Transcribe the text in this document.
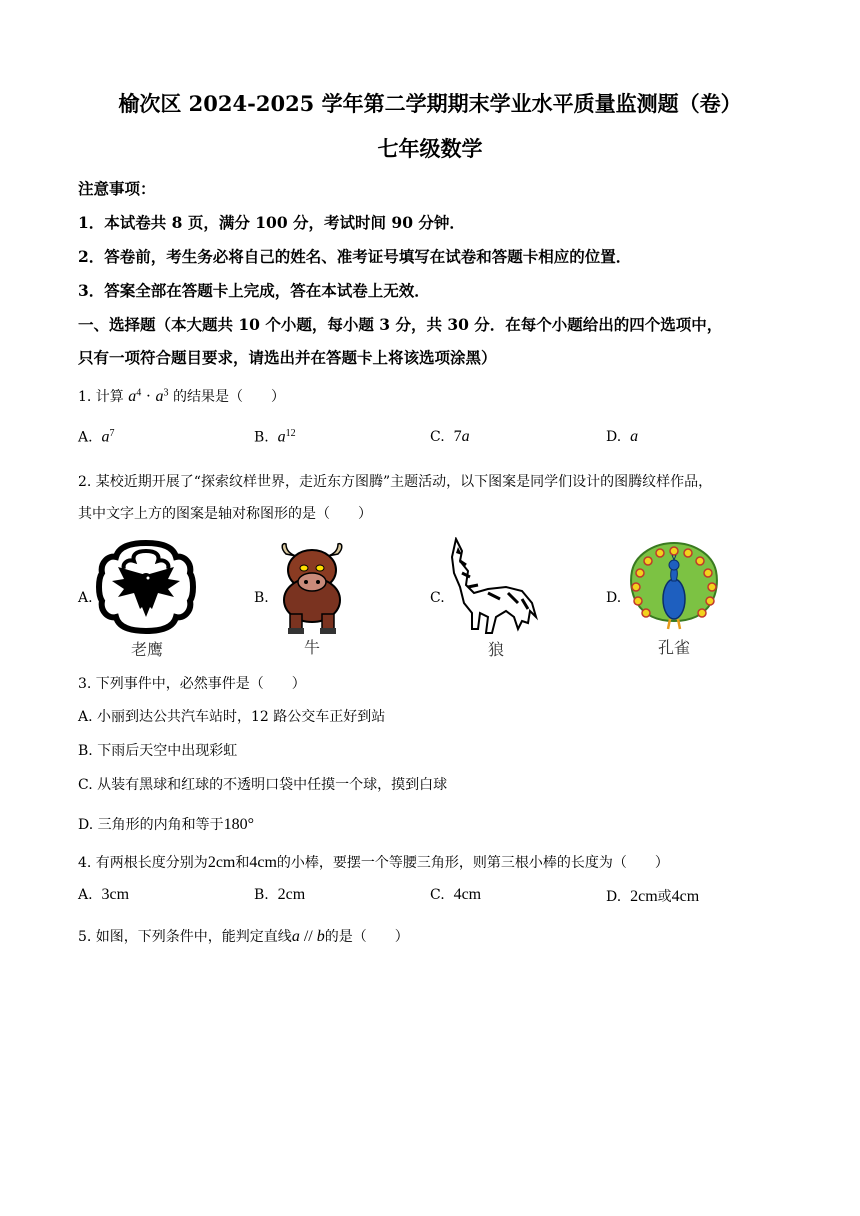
榆次区 2024-2025 学年第二学期期末学业水平质量监测题（卷）
七年级数学
注意事项：
1．本试卷共 8 页，满分 100 分，考试时间 90 分钟．
2．答卷前，考生务必将自己的姓名、准考证号填写在试卷和答题卡相应的位置．
3．答案全部在答题卡上完成，答在本试卷上无效．
一、选择题（本大题共 10 个小题，每小题 3 分，共 30 分．在每个小题给出的四个选项中，
只有一项符合题目要求，请选出并在答题卡上将该选项涂黑）
1. 计算 $a^4 \cdot a^3$ 的结果是（　　）
A. $a^7$	B. $a^{12}$	C. 7a	D. a
2. 某校近期开展了“探索纹样世界，走近东方图腾”主题活动，以下图案是同学们设计的图腾纹样作品，
其中文字上方的图案是轴对称图形的是（　　）
A.
老鹰
B.
牛
C.
狼
D.
孔雀
3. 下列事件中，必然事件是（　　）
A. 小丽到达公共汽车站时，12 路公交车正好到站
B. 下雨后天空中出现彩虹
C. 从装有黑球和红球的不透明口袋中任摸一个球，摸到白球
D. 三角形的内角和等于180°
4. 有两根长度分别为2cm和4cm的小棒，要摆一个等腰三角形，则第三根小棒的长度为（　　）
A. 3cm	B. 2cm	C. 4cm	D. 2cm或4cm
5. 如图，下列条件中，能判定直线a // b的是（　　）
